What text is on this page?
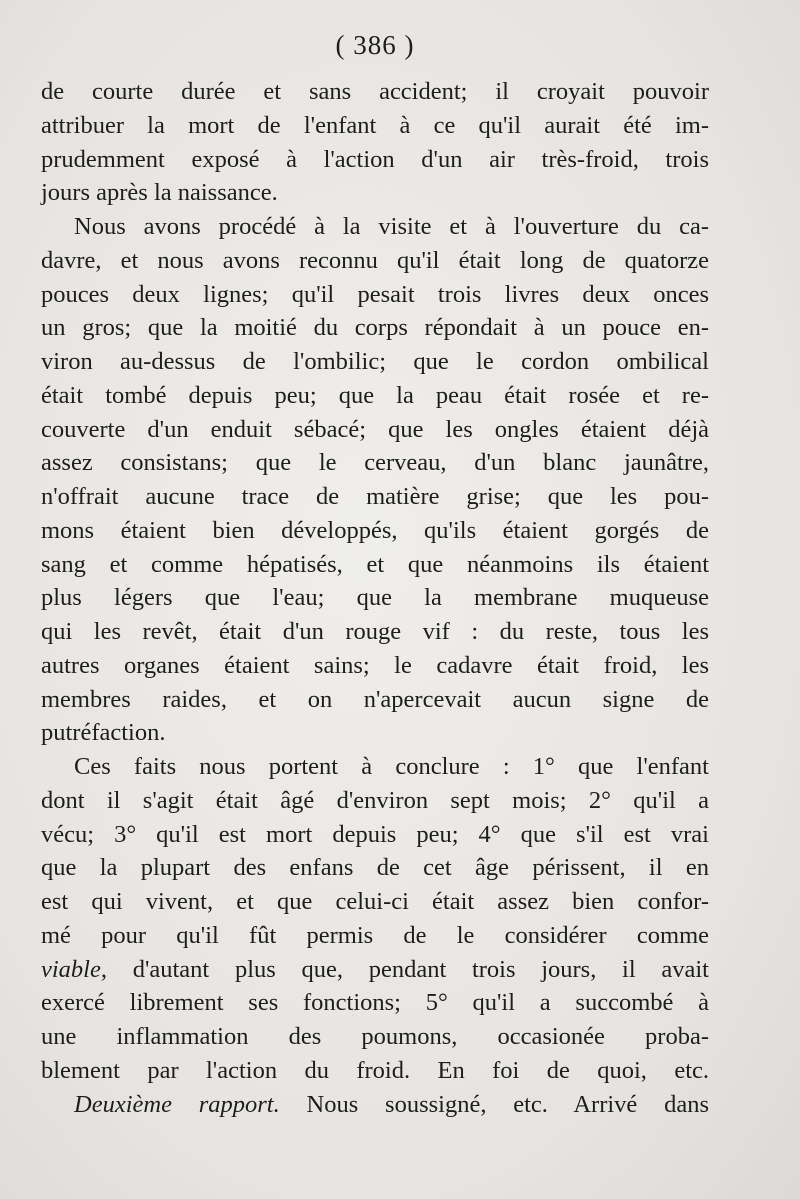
( 386 )
de courte durée et sans accident; il croyait pouvoir
attribuer la mort de l'enfant à ce qu'il aurait été im-
prudemment exposé à l'action d'un air très-froid, trois
jours après la naissance.
Nous avons procédé à la visite et à l'ouverture du ca-
davre, et nous avons reconnu qu'il était long de quatorze
pouces deux lignes; qu'il pesait trois livres deux onces
un gros; que la moitié du corps répondait à un pouce en-
viron au-dessus de l'ombilic; que le cordon ombilical
était tombé depuis peu; que la peau était rosée et re-
couverte d'un enduit sébacé; que les ongles étaient déjà
assez consistans; que le cerveau, d'un blanc jaunâtre,
n'offrait aucune trace de matière grise; que les pou-
mons étaient bien développés, qu'ils étaient gorgés de
sang et comme hépatisés, et que néanmoins ils étaient
plus légers que l'eau; que la membrane muqueuse
qui les revêt, était d'un rouge vif : du reste, tous les
autres organes étaient sains; le cadavre était froid, les
membres raides, et on n'apercevait aucun signe de
putréfaction.
Ces faits nous portent à conclure : 1° que l'enfant
dont il s'agit était âgé d'environ sept mois; 2° qu'il a
vécu; 3° qu'il est mort depuis peu; 4° que s'il est vrai
que la plupart des enfans de cet âge périssent, il en
est qui vivent, et que celui-ci était assez bien confor-
mé pour qu'il fût permis de le considérer comme
viable, d'autant plus que, pendant trois jours, il avait
exercé librement ses fonctions; 5° qu'il a succombé à
une inflammation des poumons, occasionée proba-
blement par l'action du froid. En foi de quoi, etc.
Deuxième rapport. Nous soussigné, etc. Arrivé dans
